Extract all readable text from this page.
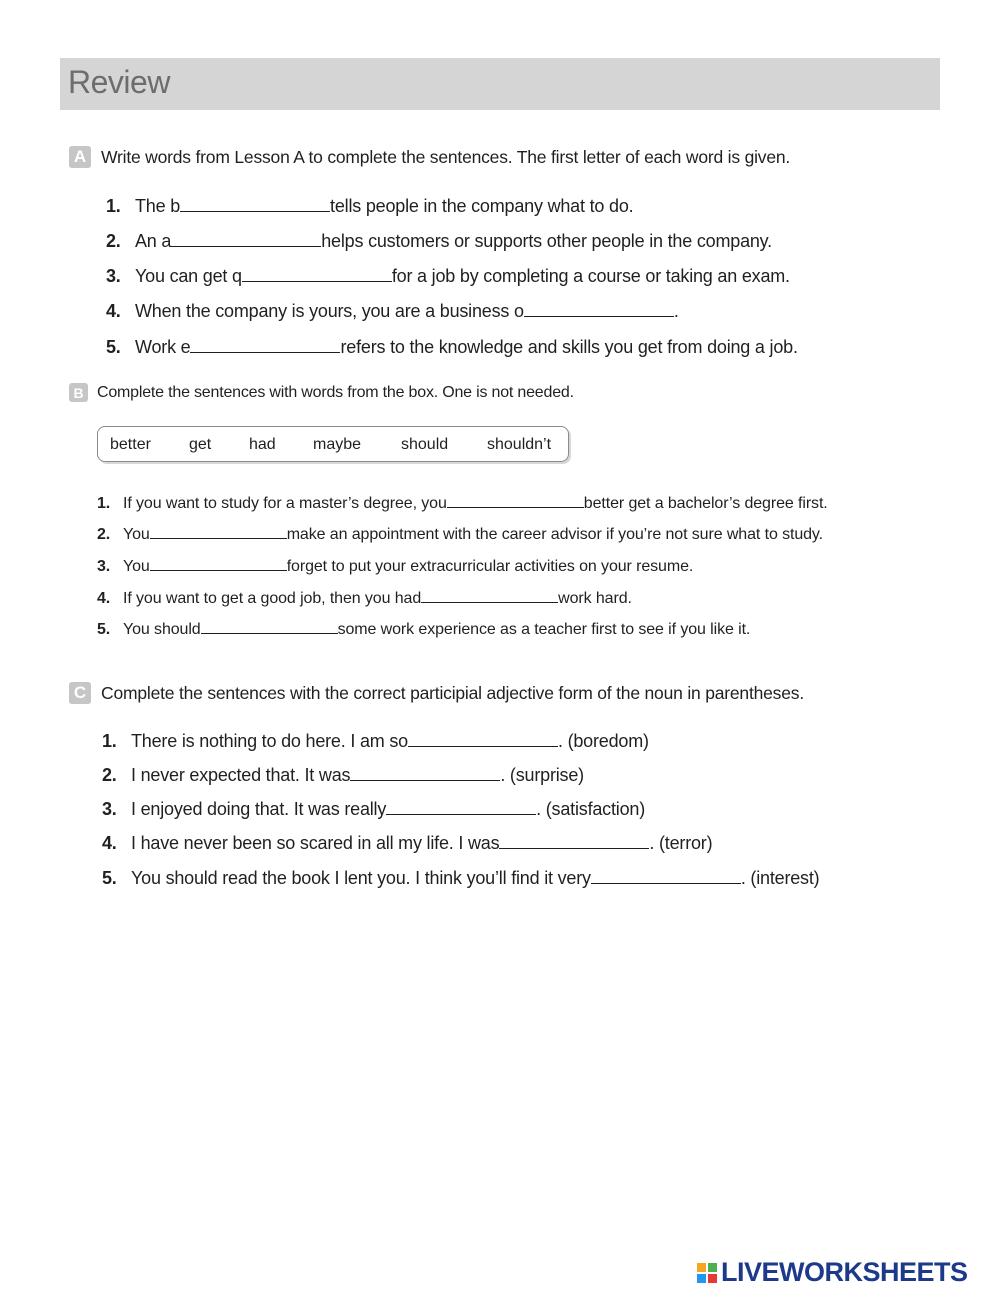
Review
A Write words from Lesson A to complete the sentences. The first letter of each word is given.
1. The b	tells people in the company what to do.
2. An a	helps customers or supports other people in the company.
3. You can get q	for a job by completing a course or taking an exam.
4. When the company is yours, you are a business o	.
5. Work e	refers to the knowledge and skills you get from doing a job.
B Complete the sentences with words from the box. One is not needed.
better get had maybe should shouldn’t
1. If you want to study for a master’s degree, you	better get a bachelor’s degree first.
2. You	make an appointment with the career advisor if you’re not sure what to study.
3. You	forget to put your extracurricular activities on your resume.
4. If you want to get a good job, then you had	work hard.
5. You should	some work experience as a teacher first to see if you like it.
C Complete the sentences with the correct participial adjective form of the noun in parentheses.
1. There is nothing to do here. I am so	. (boredom)
2. I never expected that. It was	. (surprise)
3. I enjoyed doing that. It was really	. (satisfaction)
4. I have never been so scared in all my life. I was	. (terror)
5. You should read the book I lent you. I think you’ll find it very	. (interest)
LIVEWORKSHEETS
